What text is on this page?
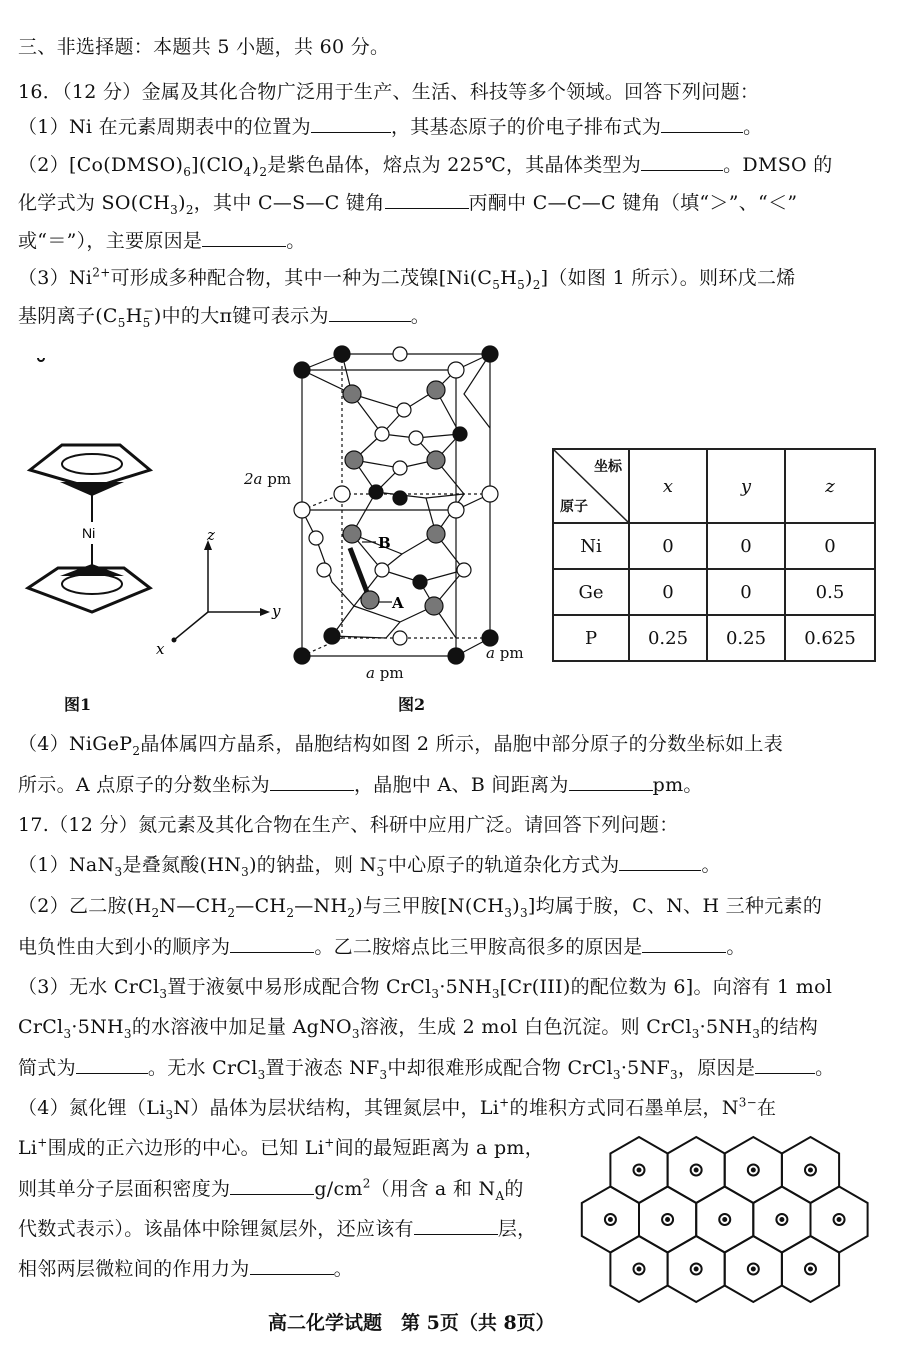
三、非选择题：本题共 5 小题，共 60 分。
16．（12 分）金属及其化合物广泛用于生产、生活、科技等多个领域。回答下列问题：
（1）Ni 在元素周期表中的位置为	，其基态原子的价电子排布式为	。
$(2)[Co(DMSO)_6](ClO_4)_2$是紫色晶体，熔点为 225℃，其晶体类型为	。DMSO 的
化学式为 $SO(CH_3)_2$，其中 C—S—C 键角	丙酮中 C—C—C 键角（填“＞”、“＜”
或“＝”），主要原因是	。
$(3)Ni^{2+}$可形成多种配合物，其中一种为二茂镍$[Ni(C_5H_5)_2]$（如图 1 所示）。则环戊二烯
基阴离子$(C_5H_5^-)$中的大π键可表示为	。
Ni	z
y
x
图1
B
A
2a pm
a pm
a pm
图2
坐标
原子	x	y	z
Ni	0	0	0
Ge	0	0	0.5
P	0.25	0.25	0.625
（4）NiGeP$_2$晶体属四方晶系，晶胞结构如图 2 所示，晶胞中部分原子的分数坐标如上表
所示。A 点原子的分数坐标为	，晶胞中 A、B 间距离为	pm。
17.（12 分）氮元素及其化合物在生产、科研中应用广泛。请回答下列问题：
（1）NaN$_3$是叠氮酸$(HN_3)$的钠盐，则 $N_3^-$中心原子的轨道杂化方式为	。
（2）乙二胺$(H_2N—CH_2—CH_2—NH_2)$与三甲胺$[N(CH_3)_3]$均属于胺，C、N、H 三种元素的
电负性由大到小的顺序为	。乙二胺熔点比三甲胺高很多的原因是	。
（3）无水 CrCl$_3$置于液氨中易形成配合物 $CrCl_3\cdot 5NH_3[Cr(III)$的配位数为 6]。向溶有 1 mol
$CrCl_3\cdot 5NH_3$的水溶液中加足量 AgNO$_3$溶液，生成 2 mol 白色沉淀。则 $CrCl_3\cdot 5NH_3$的结构
简式为	。无水 CrCl$_3$置于液态 $NF_3$中却很难形成配合物 $CrCl_3\cdot 5NF_3$，原因是	。
（4）氮化锂$(Li_3N)$晶体为层状结构，其锂氮层中，Li+的堆积方式同石墨单层，$N^{3-}$在
Li+围成的正六边形的中心。已知 Li+间的最短距离为 a pm，
则其单分子层面积密度为	$g/cm^2$（用含 a 和 $N_A$的
代数式表示）。该晶体中除锂氮层外，还应该有	层，
相邻两层微粒间的作用力为	。
高二化学试题　第 5页（共 8页）
